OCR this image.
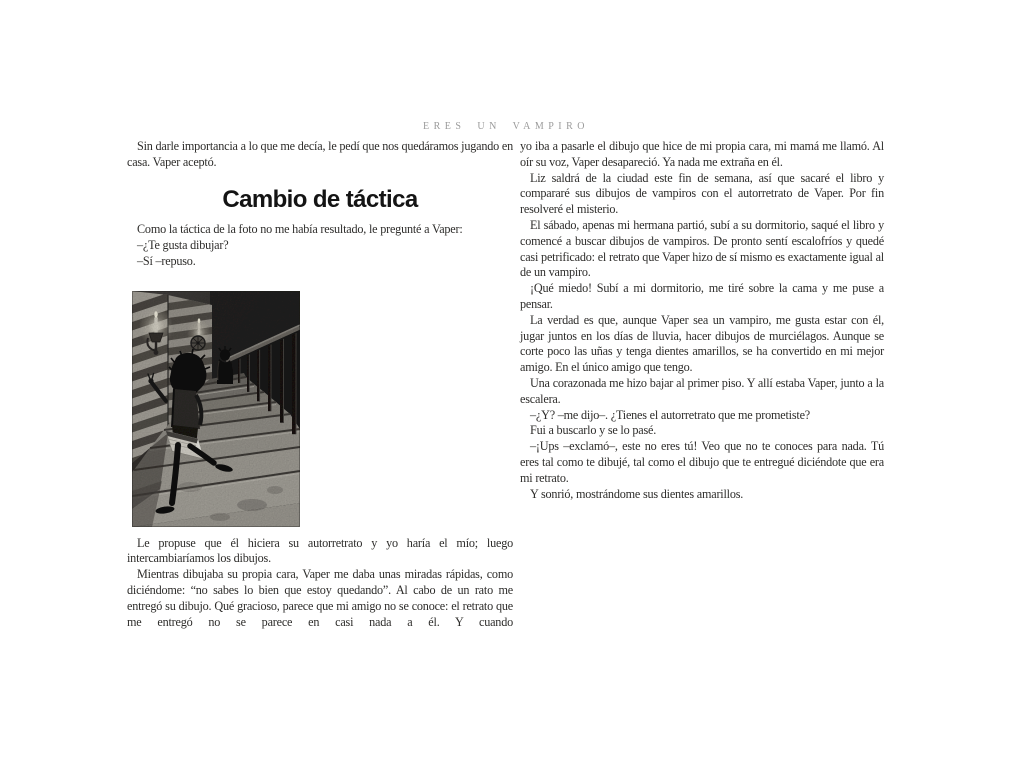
ERES UN VAMPIRO

Sin darle importancia a lo que me decía, le pedí que nos quedáramos jugando en casa. Vaper aceptó.

Cambio de táctica

Como la táctica de la foto no me había resultado, le pregunté a Vaper:

–¿Te gusta dibujar?

–Sí –repuso.

Le propuse que él hiciera su autorretrato y yo haría el mío; luego intercambiaríamos los dibujos.

Mientras dibujaba su propia cara, Vaper me daba unas miradas rápidas, como diciéndome: “no sabes lo bien que estoy quedando”. Al cabo de un rato me entregó su dibujo. Qué gracioso, parece que mi amigo no se conoce: el retrato que me entregó no se parece en casi nada a él. Y cuando

yo iba a pasarle el dibujo que hice de mi propia cara, mi mamá me llamó. Al oír su voz, Vaper desapareció. Ya nada me extraña en él.

Liz saldrá de la ciudad este fin de semana, así que sacaré el libro y compararé sus dibujos de vampiros con el autorretrato de Vaper. Por fin resolveré el misterio.

El sábado, apenas mi hermana partió, subí a su dormitorio, saqué el libro y comencé a buscar dibujos de vampiros. De pronto sentí escalofríos y quedé casi petrificado: el retrato que Vaper hizo de sí mismo es exactamente igual al de un vampiro.

¡Qué miedo! Subí a mi dormitorio, me tiré sobre la cama y me puse a pensar.

La verdad es que, aunque Vaper sea un vampiro, me gusta estar con él, jugar juntos en los días de lluvia, hacer dibujos de murciélagos. Aunque se corte poco las uñas y tenga dientes amarillos, se ha convertido en mi mejor amigo. En el único amigo que tengo.

Una corazonada me hizo bajar al primer piso. Y allí estaba Vaper, junto a la escalera.

–¿Y? –me dijo–. ¿Tienes el autorretrato que me prometiste?

Fui a buscarlo y se lo pasé.

–¡Ups –exclamó–, este no eres tú! Veo que no te conoces para nada. Tú eres tal como te dibujé, tal como el dibujo que te entregué diciéndote que era mi retrato.

Y sonrió, mostrándome sus dientes amarillos.
